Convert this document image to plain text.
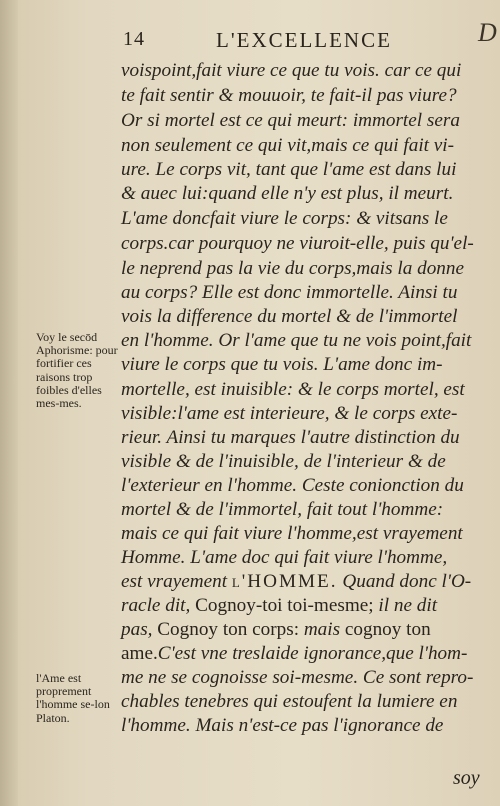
14	L'EXCELLENCE	D
voispoint,fait viure ce que tu vois. car ce qui
te fait sentir & mouuoir, te fait-il pas viure?
Or si mortel est ce qui meurt: immortel sera
non seulement ce qui vit,mais ce qui fait vi-
ure. Le corps vit, tant que l'ame est dans lui
& auec lui:quand elle n'y est plus, il meurt.
L'ame doncfait viure le corps: & vitsans le
corps.car pourquoy ne viuroit-elle, puis qu'el-
le neprend pas la vie du corps,mais la donne
au corps? Elle est donc immortelle. Ainsi tu
vois la difference du mortel & de l'immortel
en l'homme. Or l'ame que tu ne vois point,fait
viure le corps que tu vois. L'ame donc im-
mortelle, est inuisible: & le corps mortel, est
visible:l'ame est interieure, & le corps exte-
rieur. Ainsi tu marques l'autre distinction du
visible & de l'inuisible, de l'interieur & de
l'exterieur en l'homme. Ceste conionction du
mortel & de l'immortel, fait tout l'homme:
mais ce qui fait viure l'homme,est vrayement
Homme. L'ame doc qui fait viure l'homme,
est vrayement l'HOMME. Quand donc l'O-
racle dit, Cognoy-toi toi-mesme; il ne dit
pas, Cognoy ton corps: mais cognoy ton
ame.C'est vne treslaide ignorance,que l'hom-
me ne se cognoisse soi-mesme. Ce sont repro-
chables tenebres qui estoufent la lumiere en
l'homme. Mais n'est-ce pas l'ignorance de
Voy le secōd Aphorisme: pour fortifier ces raisons trop foibles d'elles mes-mes.
l'Ame est proprement l'homme se-lon Platon.
soy
